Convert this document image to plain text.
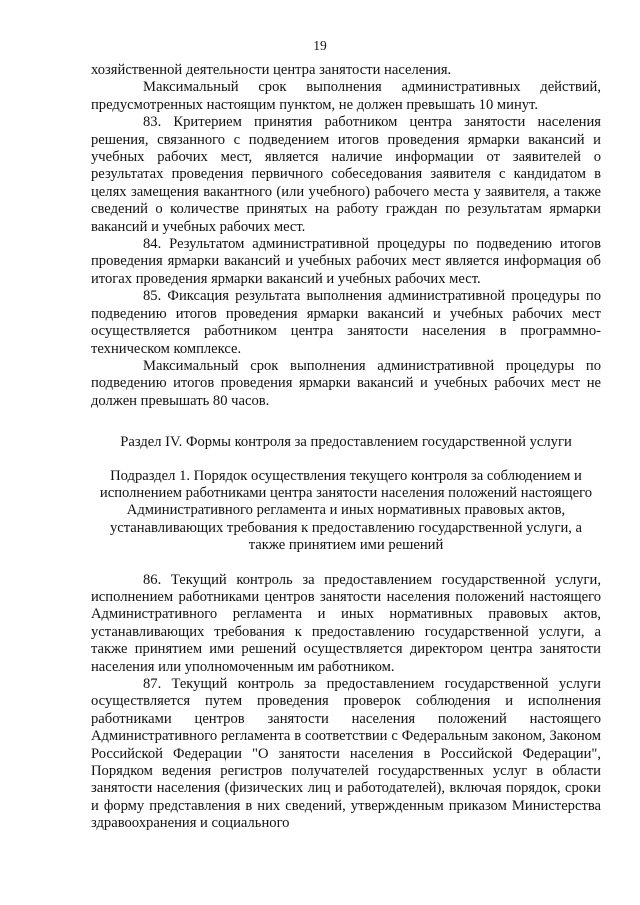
19

хозяйственной деятельности центра занятости населения.

Максимальный срок выполнения административных действий, предусмотренных настоящим пунктом, не должен превышать 10 минут.

83. Критерием принятия работником центра занятости населения решения, связанного с подведением итогов проведения ярмарки вакансий и учебных рабочих мест, является наличие информации от заявителей о результатах проведения первичного собеседования заявителя с кандидатом в целях замещения вакантного (или учебного) рабочего места у заявителя, а также сведений о количестве принятых на работу граждан по результатам ярмарки вакансий и учебных рабочих мест.

84. Результатом административной процедуры по подведению итогов проведения ярмарки вакансий и учебных рабочих мест является информация об итогах проведения ярмарки вакансий и учебных рабочих мест.

85. Фиксация результата выполнения административной процедуры по подведению итогов проведения ярмарки вакансий и учебных рабочих мест осуществляется работником центра занятости населения в программно-техническом комплексе.

Максимальный срок выполнения административной процедуры по подведению итогов проведения ярмарки вакансий и учебных рабочих мест не должен превышать 80 часов.

Раздел IV. Формы контроля за предоставлением государственной услуги

Подраздел 1. Порядок осуществления текущего контроля за соблюдением и исполнением работниками центра занятости населения положений настоящего Административного регламента и иных нормативных правовых актов, устанавливающих требования к предоставлению государственной услуги, а также принятием ими решений

86. Текущий контроль за предоставлением государственной услуги, исполнением работниками центров занятости населения положений настоящего Административного регламента и иных нормативных правовых актов, устанавливающих требования к предоставлению государственной услуги, а также принятием ими решений осуществляется директором центра занятости населения или уполномоченным им работником.

87. Текущий контроль за предоставлением государственной услуги осуществляется путем проведения проверок соблюдения и исполнения работниками центров занятости населения положений настоящего Административного регламента в соответствии с Федеральным законом, Законом Российской Федерации "О занятости населения в Российской Федерации", Порядком ведения регистров получателей государственных услуг в области занятости населения (физических лиц и работодателей), включая порядок, сроки и форму представления в них сведений, утвержденным приказом Министерства здравоохранения и социального
